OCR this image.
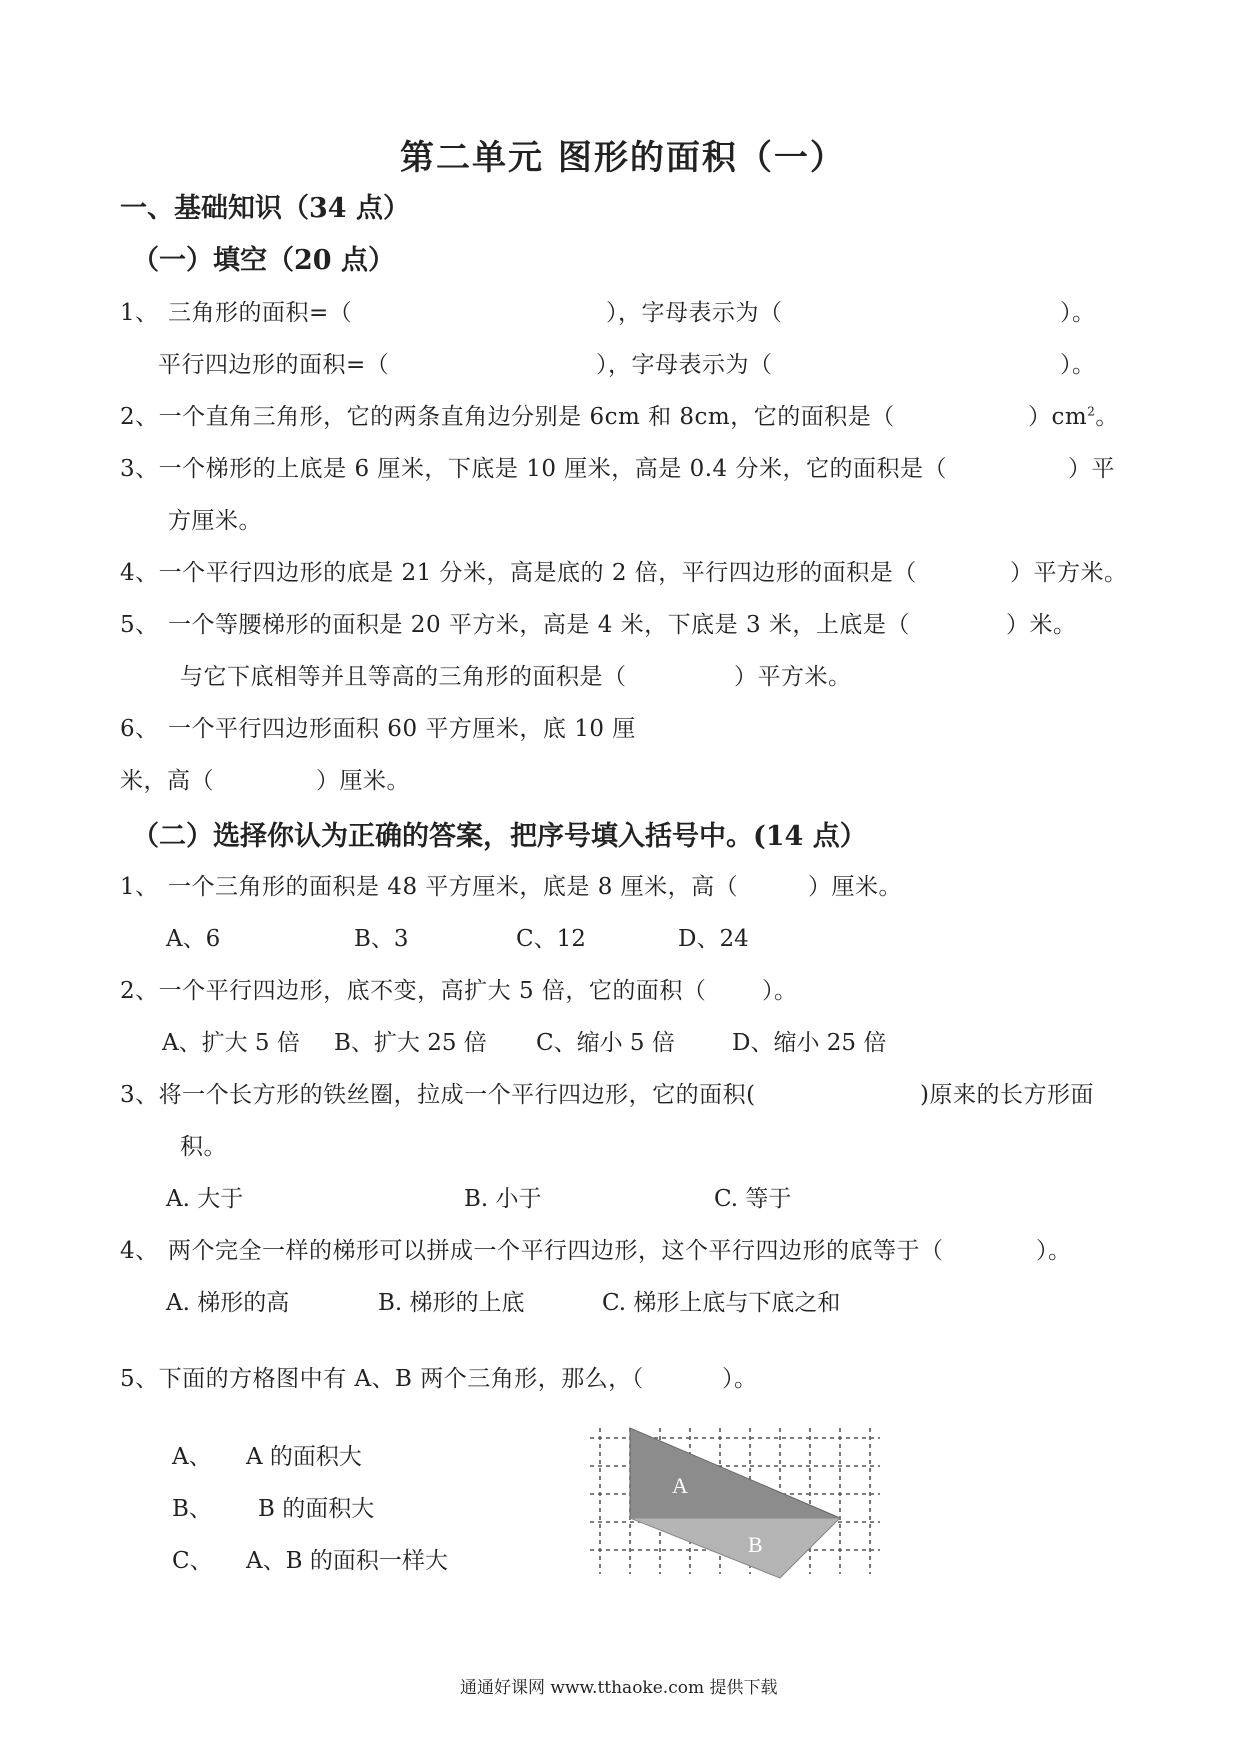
第二单元 图形的面积（一）
一、基础知识（34 点）
（一）填空（20 点）
1、 三角形的面积=（	），字母表示为（	）。
平行四边形的面积=（	），字母表示为（	）。
2、一个直角三角形，它的两条直角边分别是 6cm 和 8cm，它的面积是（	）$cm^2$。
3、一个梯形的上底是 6 厘米，下底是 10 厘米，高是 0.4 分米，它的面积是（	）平
方厘米。
4、一个平行四边形的底是 21 分米，高是底的 2 倍，平行四边形的面积是（	）平方米。
5、 一个等腰梯形的面积是 20 平方米，高是 4 米，下底是 3 米，上底是（	）米。
与它下底相等并且等高的三角形的面积是（	）平方米。
6、 一个平行四边形面积 60 平方厘米，底 10 厘
米，高（	）厘米。
（二）选择你认为正确的答案，把序号填入括号中。(14 点）
1、 一个三角形的面积是 48 平方厘米，底是 8 厘米，高（	）厘米。
A、6	B、3	C、12	D、24
2、一个平行四边形，底不变，高扩大 5 倍，它的面积（ ）。
A、扩大 5 倍 B、扩大 25 倍 C、缩小 5 倍 D、缩小 25 倍
3、将一个长方形的铁丝圈，拉成一个平行四边形，它的面积(	)原来的长方形面
积。
A. 大于	B. 小于	C. 等于
4、 两个完全一样的梯形可以拼成一个平行四边形，这个平行四边形的底等于（	）。
A. 梯形的高	B. 梯形的上底	C. 梯形上底与下底之和
5、下面的方格图中有 A、B 两个三角形，那么，（	）。
A、 A 的面积大
B、 B 的面积大
C、 A、B 的面积一样大
A
B
通通好课网 www.tthaoke.com 提供下载
